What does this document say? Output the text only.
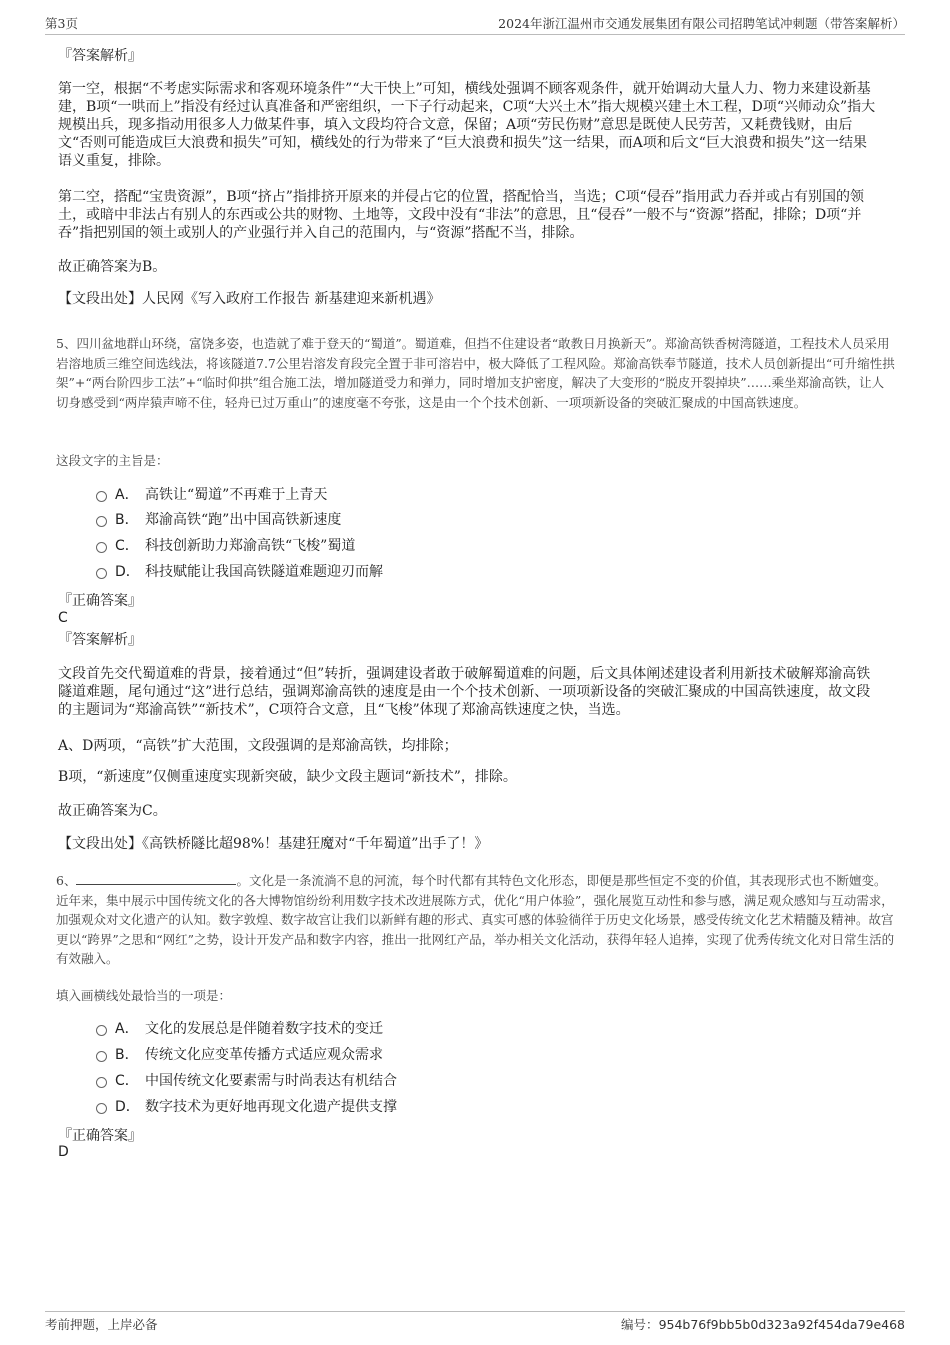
第3页	2024年浙江温州市交通发展集团有限公司招聘笔试冲刺题（带答案解析）
『答案解析』
第一空，根据“不考虑实际需求和客观环境条件”“大干快上”可知，横线处强调不顾客观条件，就开始调动大量人力、物力来建设新基建，B项“一哄而上”指没有经过认真准备和严密组织，一下子行动起来，C项“大兴土木”指大规模兴建土木工程，D项“兴师动众”指大规模出兵，现多指动用很多人力做某件事，填入文段均符合文意，保留；A项“劳民伤财”意思是既使人民劳苦，又耗费钱财，由后文“否则可能造成巨大浪费和损失”可知，横线处的行为带来了“巨大浪费和损失”这一结果，而A项和后文“巨大浪费和损失”这一结果语义重复，排除。
第二空，搭配“宝贵资源”，B项“挤占”指排挤开原来的并侵占它的位置，搭配恰当，当选；C项“侵吞”指用武力吞并或占有别国的领土，或暗中非法占有别人的东西或公共的财物、土地等，文段中没有“非法”的意思，且“侵吞”一般不与“资源”搭配，排除；D项“并吞”指把别国的领土或别人的产业强行并入自己的范围内，与“资源”搭配不当，排除。
故正确答案为B。
【文段出处】人民网《写入政府工作报告 新基建迎来新机遇》
5、四川盆地群山环绕，富饶多姿，也造就了难于登天的“蜀道”。蜀道难，但挡不住建设者“敢教日月换新天”。郑渝高铁香树湾隧道，工程技术人员采用岩溶地质三维空间选线法，将该隧道7.7公里岩溶发育段完全置于非可溶岩中，极大降低了工程风险。郑渝高铁奉节隧道，技术人员创新提出“可升缩性拱架”+“两台阶四步工法”+“临时仰拱”组合施工法，增加隧道受力和弹力，同时增加支护密度，解决了大变形的“脱皮开裂掉块”……乘坐郑渝高铁，让人切身感受到“两岸猿声啼不住，轻舟已过万重山”的速度毫不夸张，这是由一个个技术创新、一项项新设备的突破汇聚成的中国高铁速度。
这段文字的主旨是：
A． 高铁让“蜀道”不再难于上青天
B． 郑渝高铁“跑”出中国高铁新速度
C． 科技创新助力郑渝高铁“飞梭”蜀道
D． 科技赋能让我国高铁隧道难题迎刃而解
『正确答案』
C
『答案解析』
文段首先交代蜀道难的背景，接着通过“但”转折，强调建设者敢于破解蜀道难的问题，后文具体阐述建设者利用新技术破解郑渝高铁隧道难题，尾句通过“这”进行总结，强调郑渝高铁的速度是由一个个技术创新、一项项新设备的突破汇聚成的中国高铁速度，故文段的主题词为“郑渝高铁”“新技术”，C项符合文意，且“飞梭”体现了郑渝高铁速度之快，当选。
A、D两项，“高铁”扩大范围，文段强调的是郑渝高铁，均排除；
B项，“新速度”仅侧重速度实现新突破，缺少文段主题词“新技术”，排除。
故正确答案为C。
【文段出处】《高铁桥隧比超98%！基建狂魔对“千年蜀道”出手了！》
6、	。文化是一条流淌不息的河流，每个时代都有其特色文化形态，即便是那些恒定不变的价值，其表现形式也不断嬗变。近年来，集中展示中国传统文化的各大博物馆纷纷利用数字技术改进展陈方式，优化“用户体验”，强化展览互动性和参与感，满足观众感知与互动需求，加强观众对文化遗产的认知。数字敦煌、数字故宫让我们以新鲜有趣的形式、真实可感的体验徜徉于历史文化场景，感受传统文化艺术精髓及精神。故宫更以“跨界”之思和“网红”之势，设计开发产品和数字内容，推出一批网红产品，举办相关文化活动，获得年轻人追捧，实现了优秀传统文化对日常生活的有效融入。
填入画横线处最恰当的一项是：
A． 文化的发展总是伴随着数字技术的变迁
B． 传统文化应变革传播方式适应观众需求
C． 中国传统文化要素需与时尚表达有机结合
D． 数字技术为更好地再现文化遗产提供支撑
『正确答案』
D
考前押题，上岸必备	编号：954b76f9bb5b0d323a92f454da79e468
